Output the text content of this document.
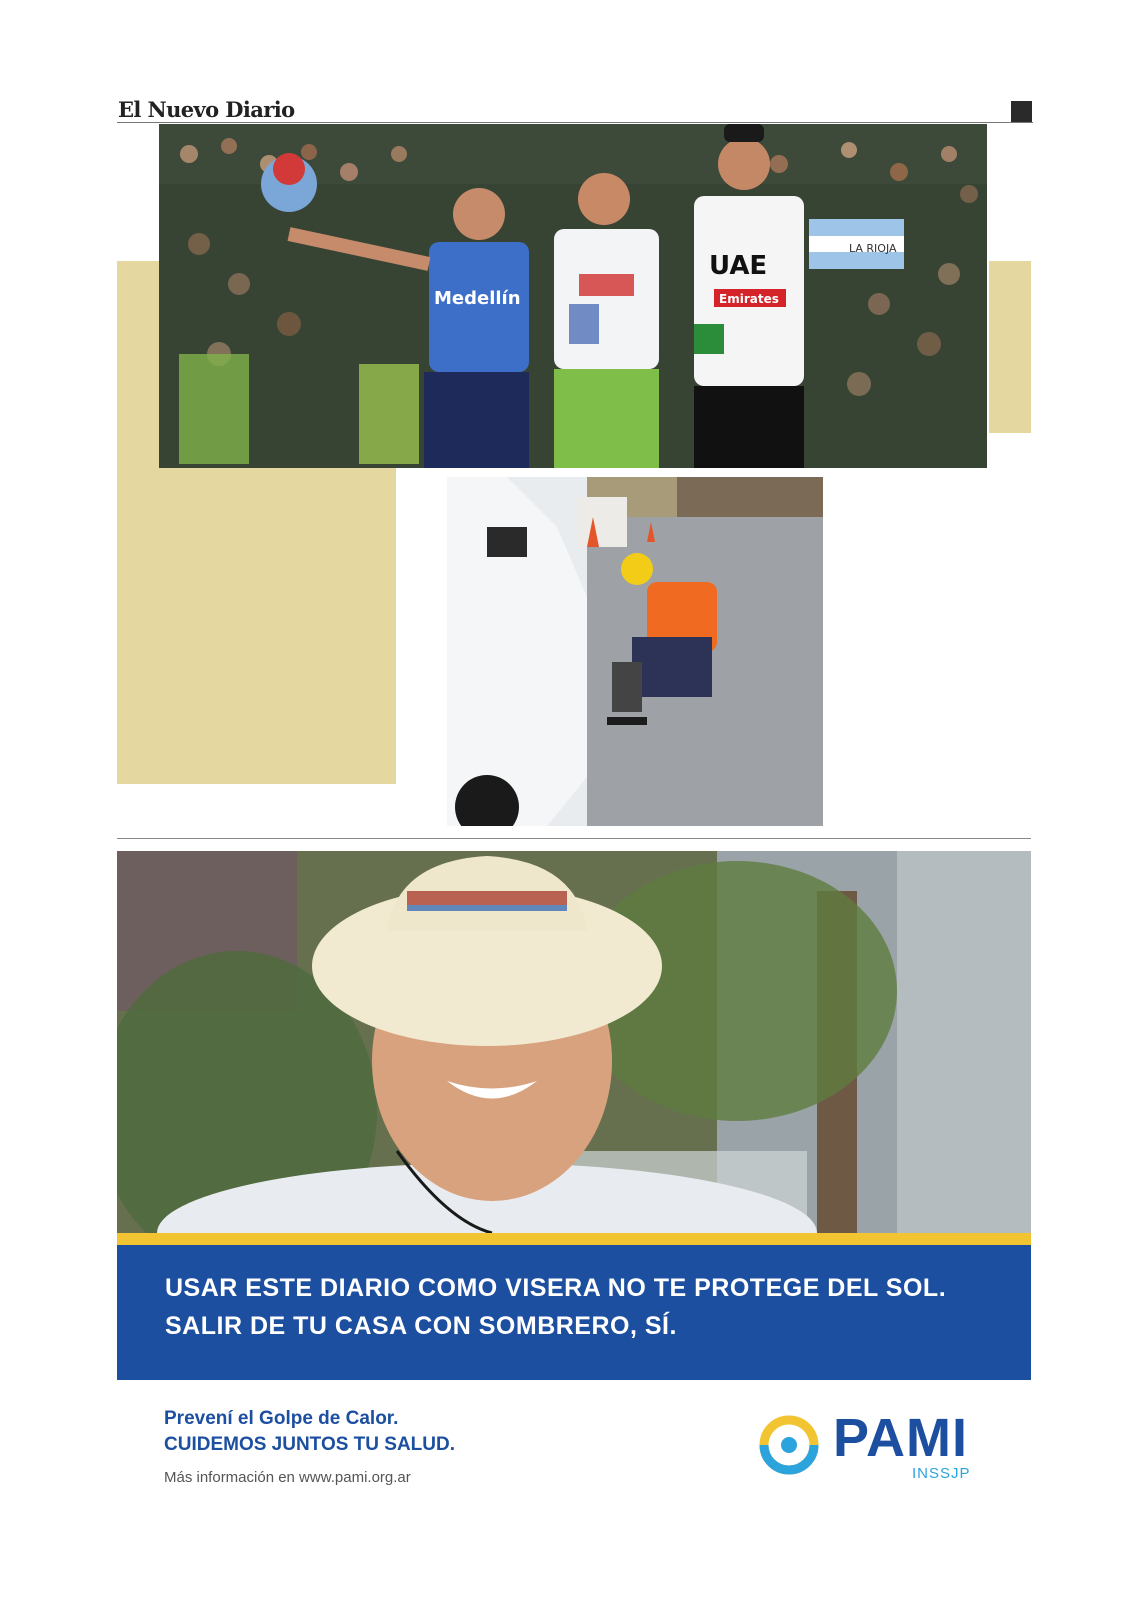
El Nuevo Diario
LA RIOJA
Medellín
UAE
Emirates

USAR ESTE DIARIO COMO VISERA NO TE PROTEGE DEL SOL.
SALIR DE TU CASA CON SOMBRERO, SÍ.

Prevení el Golpe de Calor.
CUIDEMOS JUNTOS TU SALUD.
Más información en www.pami.org.ar
PAMI
INSSJP
